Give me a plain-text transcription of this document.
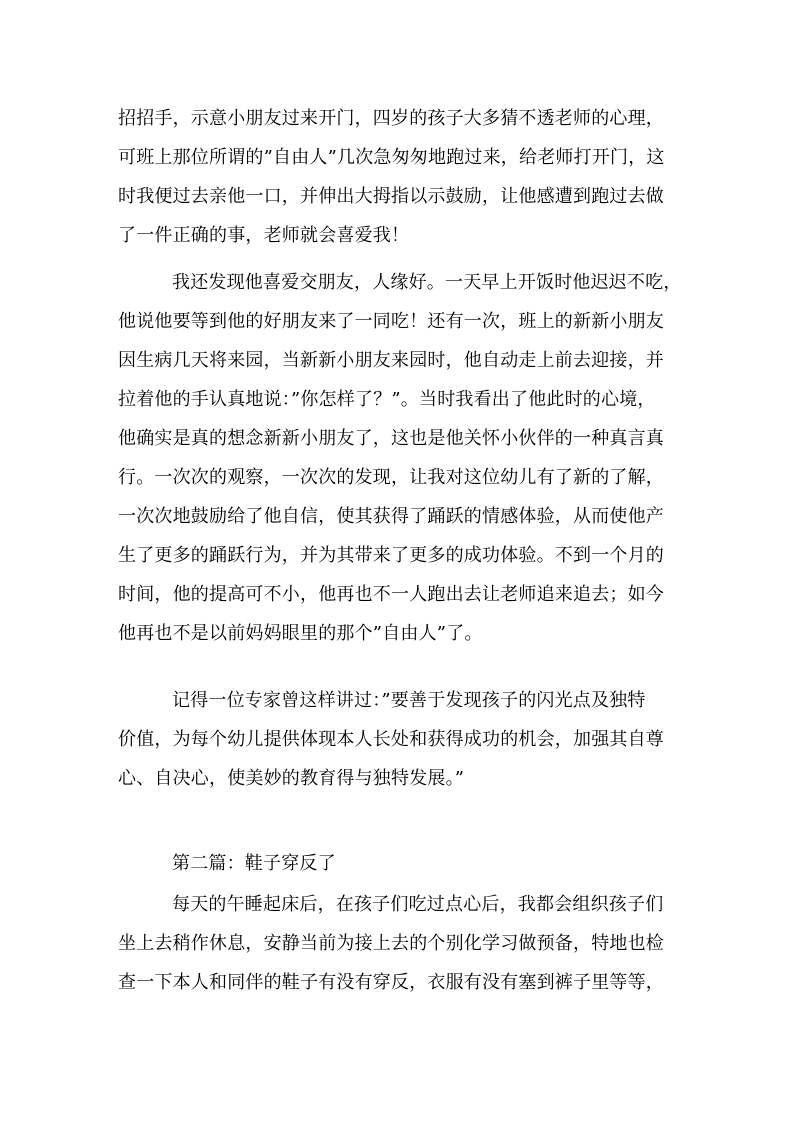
招招手，示意小朋友过来开门，四岁的孩子大多猜不透老师的心理，
可班上那位所谓的”自由人”几次急匆匆地跑过来，给老师打开门，这
时我便过去亲他一口，并伸出大拇指以示鼓励，让他感遭到跑过去做
了一件正确的事，老师就会喜爱我！
我还发现他喜爱交朋友，人缘好。一天早上开饭时他迟迟不吃，
他说他要等到他的好朋友来了一同吃！还有一次，班上的新新小朋友
因生病几天将来园，当新新小朋友来园时，他自动走上前去迎接，并
拉着他的手认真地说：”你怎样了？”。当时我看出了他此时的心境，
他确实是真的想念新新小朋友了，这也是他关怀小伙伴的一种真言真
行。一次次的观察，一次次的发现，让我对这位幼儿有了新的了解，
一次次地鼓励给了他自信，使其获得了踊跃的情感体验，从而使他产
生了更多的踊跃行为，并为其带来了更多的成功体验。不到一个月的
时间，他的提高可不小，他再也不一人跑出去让老师追来追去；如今
他再也不是以前妈妈眼里的那个”自由人”了。
记得一位专家曾这样讲过：”要善于发现孩子的闪光点及独特
价值，为每个幼儿提供体现本人长处和获得成功的机会，加强其自尊
心、自决心，使美妙的教育得与独特发展。”
第二篇：鞋子穿反了
每天的午睡起床后，在孩子们吃过点心后，我都会组织孩子们
坐上去稍作休息，安静当前为接上去的个别化学习做预备，特地也检
查一下本人和同伴的鞋子有没有穿反，衣服有没有塞到裤子里等等，
